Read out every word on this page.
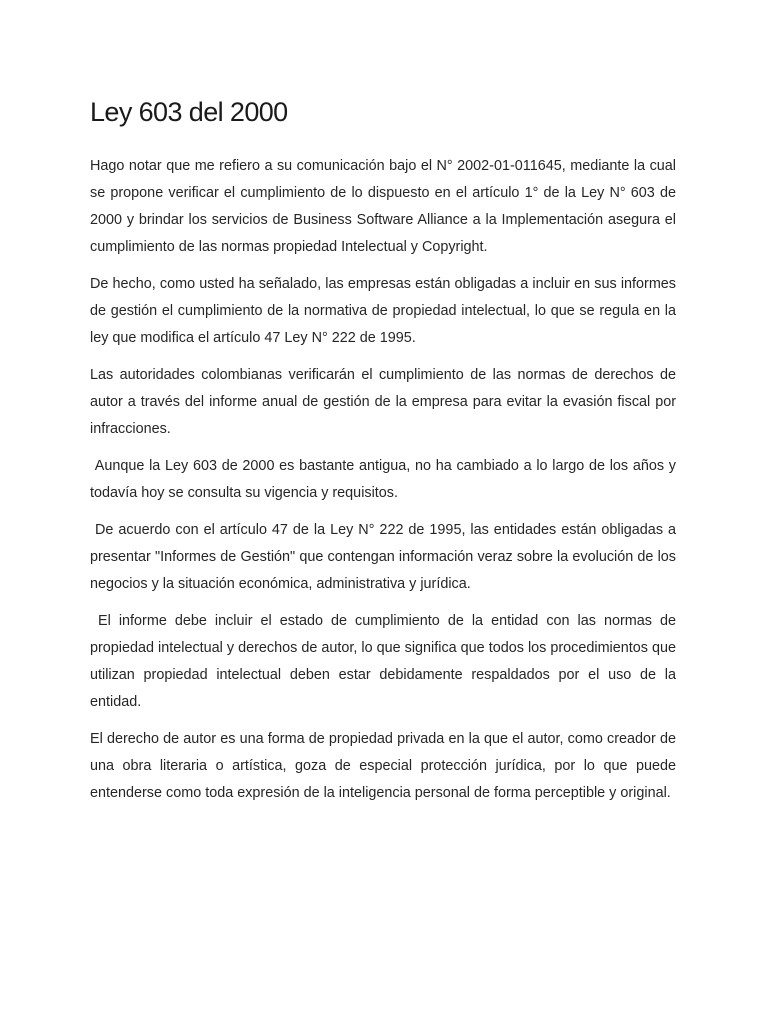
Ley 603 del 2000

Hago notar que me refiero a su comunicación bajo el N° 2002-01-011645, mediante la cual se propone verificar el cumplimiento de lo dispuesto en el artículo 1° de la Ley N° 603 de 2000 y brindar los servicios de Business Software Alliance a la Implementación asegura el cumplimiento de las normas propiedad Intelectual y Copyright.

De hecho, como usted ha señalado, las empresas están obligadas a incluir en sus informes de gestión el cumplimiento de la normativa de propiedad intelectual, lo que se regula en la ley que modifica el artículo 47 Ley N° 222 de 1995.

Las autoridades colombianas verificarán el cumplimiento de las normas de derechos de autor a través del informe anual de gestión de la empresa para evitar la evasión fiscal por infracciones.

Aunque la Ley 603 de 2000 es bastante antigua, no ha cambiado a lo largo de los años y todavía hoy se consulta su vigencia y requisitos.

De acuerdo con el artículo 47 de la Ley N° 222 de 1995, las entidades están obligadas a presentar "Informes de Gestión" que contengan información veraz sobre la evolución de los negocios y la situación económica, administrativa y jurídica.

El informe debe incluir el estado de cumplimiento de la entidad con las normas de propiedad intelectual y derechos de autor, lo que significa que todos los procedimientos que utilizan propiedad intelectual deben estar debidamente respaldados por el uso de la entidad.

El derecho de autor es una forma de propiedad privada en la que el autor, como creador de una obra literaria o artística, goza de especial protección jurídica, por lo que puede entenderse como toda expresión de la inteligencia personal de forma perceptible y original.
